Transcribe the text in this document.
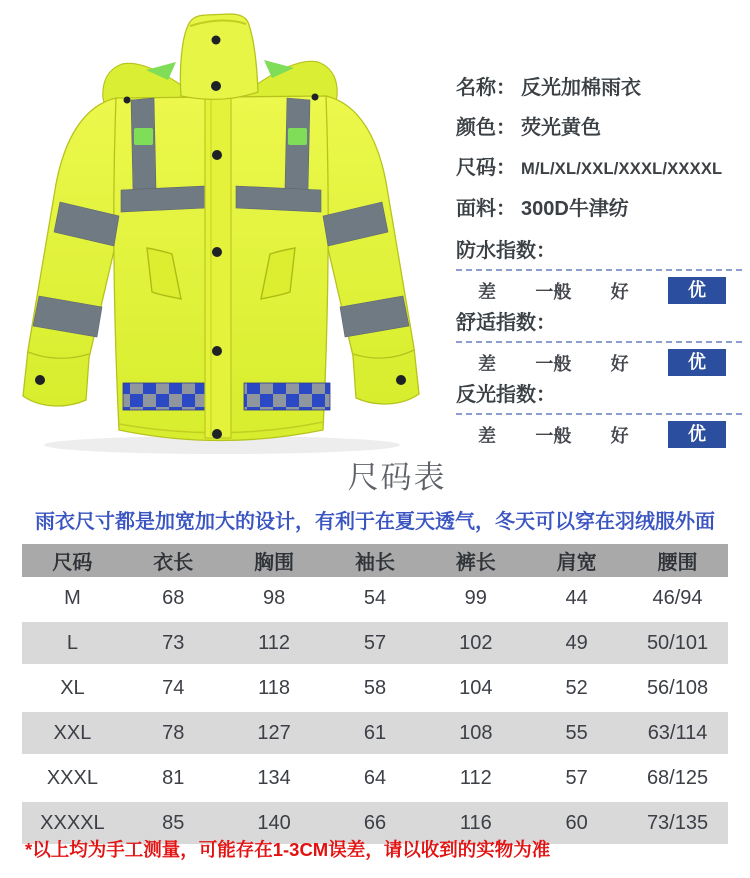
名称： 反光加棉雨衣
颜色： 荧光黄色
尺码： M/L/XL/XXL/XXXL/XXXXL
面料： 300D牛津纺
防水指数：
差 一般 好	优
舒适指数：
差 一般 好	优
反光指数：
差 一般 好	优
尺码表
雨衣尺寸都是加宽加大的设计，有利于在夏天透气，冬天可以穿在羽绒服外面
尺码	衣长	胸围	袖长	裤长	肩宽	腰围
M	68	98	54	99	44	46/94
L	73	112	57	102	49	50/101
XL	74	118	58	104	52	56/108
XXL	78	127	61	108	55	63/114
XXXL	81	134	64	112	57	68/125
XXXXL	85	140	66	116	60	73/135
*以上均为手工测量，可能存在1-3CM误差，请以收到的实物为准
